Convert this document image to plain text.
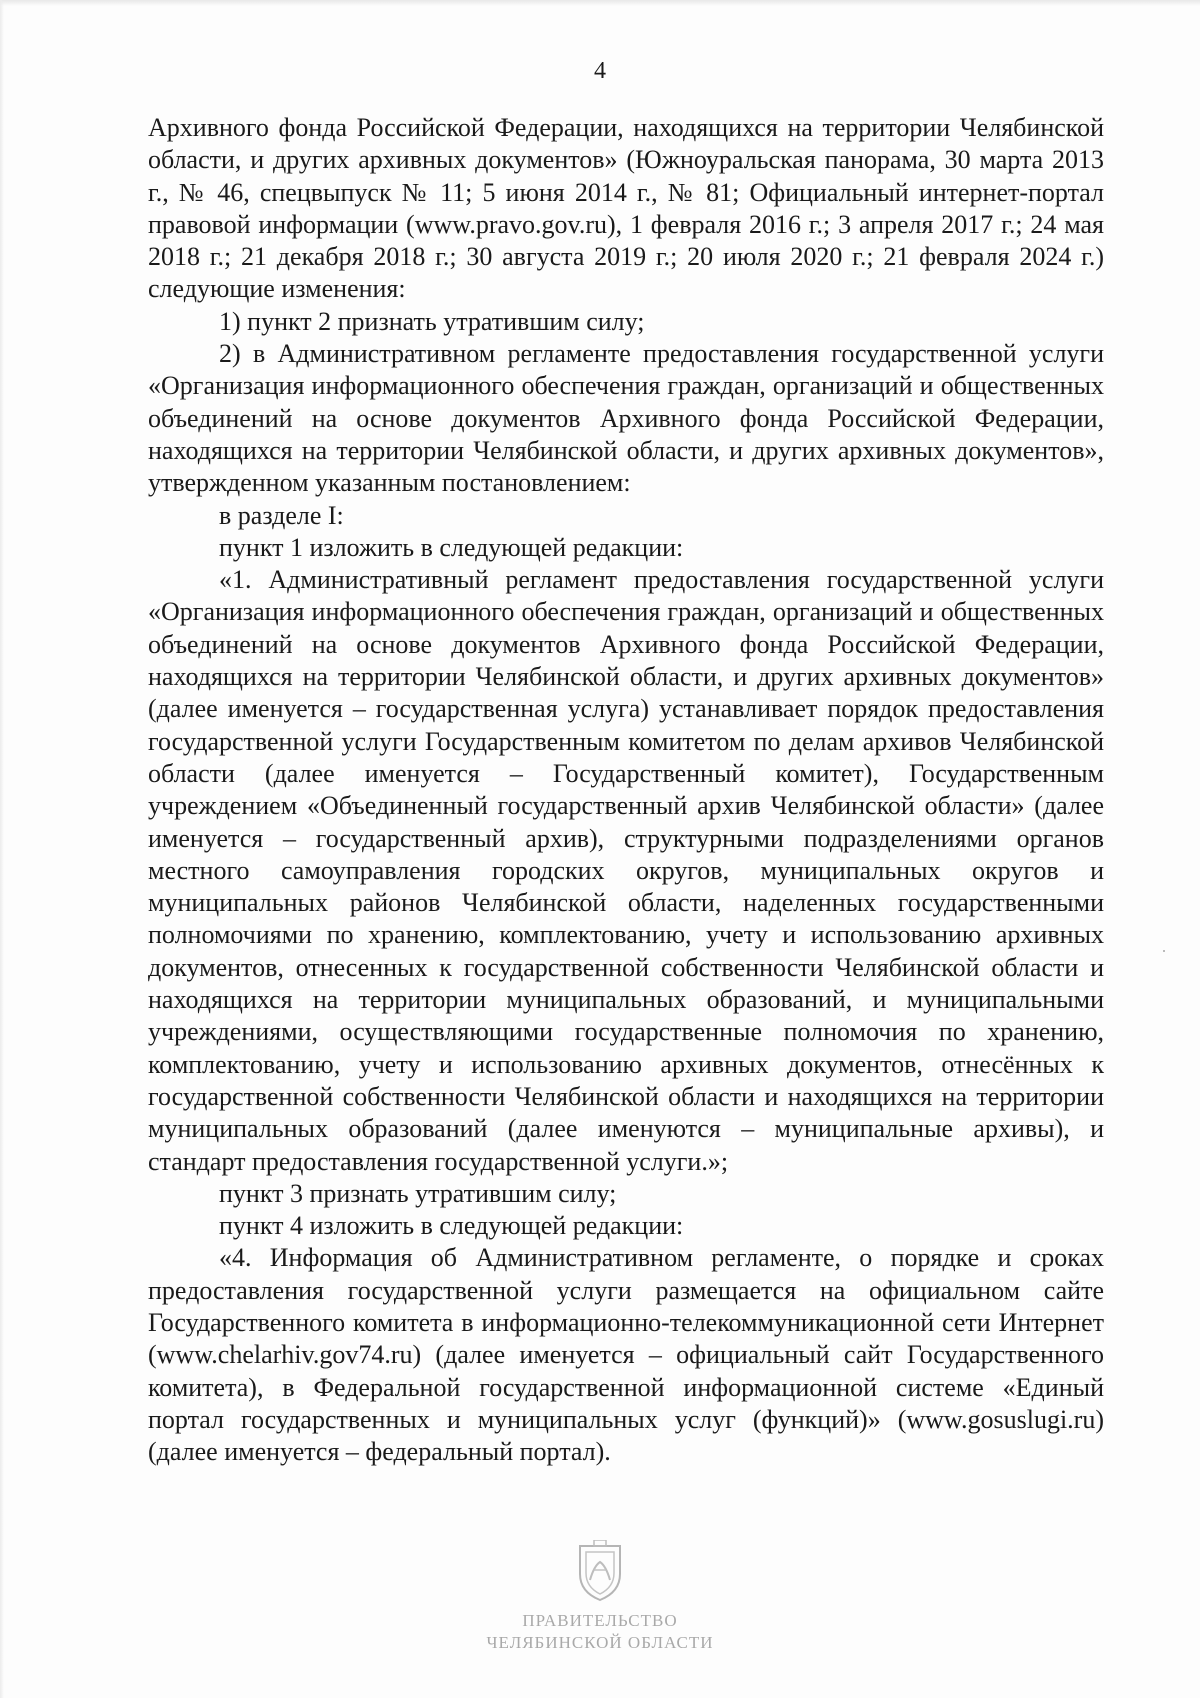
4

Архивного фонда Российской Федерации, находящихся на территории Челябинской области, и других архивных документов» (Южноуральская панорама, 30 марта 2013 г., № 46, спецвыпуск № 11; 5 июня 2014 г., № 81; Официальный интернет-портал правовой информации (www.pravo.gov.ru), 1 февраля 2016 г.; 3 апреля 2017 г.; 24 мая 2018 г.; 21 декабря 2018 г.; 30 августа 2019 г.; 20 июля 2020 г.; 21 февраля 2024 г.) следующие изменения:

1) пункт 2 признать утратившим силу;

2) в Административном регламенте предоставления государственной услуги «Организация информационного обеспечения граждан, организаций и общественных объединений на основе документов Архивного фонда Российской Федерации, находящихся на территории Челябинской области, и других архивных документов», утвержденном указанным постановлением:

в разделе I:

пункт 1 изложить в следующей редакции:

«1. Административный регламент предоставления государственной услуги «Организация информационного обеспечения граждан, организаций и общественных объединений на основе документов Архивного фонда Российской Федерации, находящихся на территории Челябинской области, и других архивных документов» (далее именуется – государственная услуга) устанавливает порядок предоставления государственной услуги Государственным комитетом по делам архивов Челябинской области (далее именуется – Государственный комитет), Государственным учреждением «Объединенный государственный архив Челябинской области» (далее именуется – государственный архив), структурными подразделениями органов местного самоуправления городских округов, муниципальных округов и муниципальных районов Челябинской области, наделенных государственными полномочиями по хранению, комплектованию, учету и использованию архивных документов, отнесенных к государственной собственности Челябинской области и находящихся на территории муниципальных образований, и муниципальными учреждениями, осуществляющими государственные полномочия по хранению, комплектованию, учету и использованию архивных документов, отнесённых к государственной собственности Челябинской области и находящихся на территории муниципальных образований (далее именуются – муниципальные архивы), и стандарт предоставления государственной услуги.»;

пункт 3 признать утратившим силу;

пункт 4 изложить в следующей редакции:

«4. Информация об Административном регламенте, о порядке и сроках предоставления государственной услуги размещается на официальном сайте Государственного комитета в информационно-телекоммуникационной сети Интернет (www.chelarhiv.gov74.ru) (далее именуется – официальный сайт Государственного комитета), в Федеральной государственной информационной системе «Единый портал государственных и муниципальных услуг (функций)» (www.gosuslugi.ru) (далее именуется – федеральный портал).

ПРАВИТЕЛЬСТВО
ЧЕЛЯБИНСКОЙ ОБЛАСТИ
